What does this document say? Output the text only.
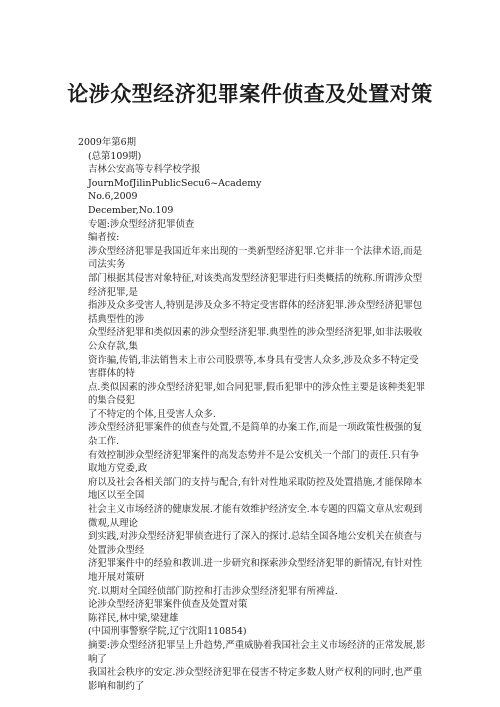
论涉众型经济犯罪案件侦查及处置对策
2009年第6期
(总第109期)
吉林公安高等专科学校学报
JournMofJilinPublicSecu6~Academy
No.6,2009
December,No.109
专题:涉众型经济犯罪侦查
编者按:
涉众型经济犯罪是我国近年来出现的一类新型经济犯罪.它并非一个法律术语,而是司法实务
部门根据其侵害对象特征,对该类高发型经济犯罪进行归类概括的统称.所谓涉众型经济犯罪,是
指涉及众多受害人,特别是涉及众多不特定受害群体的经济犯罪.涉众型经济犯罪包括典型性的涉
众型经济犯罪和类似因素的涉众型经济犯罪.典型性的涉众型经济犯罪,如非法吸收公众存款,集
资诈骗,传销,非法销售未上市公司股票等,本身具有受害人众多,涉及众多不特定受害群体的特
点.类似因素的涉众型经济犯罪,如合同犯罪,假币犯罪中的涉众性主要是该种类犯罪的集合侵犯
了不特定的个体,且受害人众多.
涉众型经济犯罪案件的侦查与处置,不是简单的办案工作,而是一项政策性极强的复杂工作.
有效控制涉众型经济犯罪案件的高发态势并不是公安机关一个部门的责任.只有争取地方党委,政
府以及社会各相关部门的支持与配合,有针对性地采取防控及处置措施,才能保障本地区以至全国
社会主义市场经济的健康发展.才能有效维护经济安全.本专题的四篇文章从宏观到微观,从理论
到实践,对涉众型经济犯罪侦查进行了深入的探讨.总结全国各地公安机关在侦查与处置涉众型经
济犯罪案件中的经验和教训.进一步研究和探索涉众型经济犯罪的新情况,有针对性地开展对策研
究.以期对全国经侦部门防控和打击涉众型经济犯罪有所裨益.
论涉众型经济犯罪案件侦查及处置对策
陈祥民,林中梁,梁建雄
(中国刑事警察学院,辽宁沈阳110854)
摘要:涉众型经济犯罪呈上升趋势,严重威胁着我国社会主义市场经济的正常发展,影响了
我国社会秩序的安定.涉众型经济犯罪在侵害不特定多数人财产权利的同时,也严重影响和制约了
